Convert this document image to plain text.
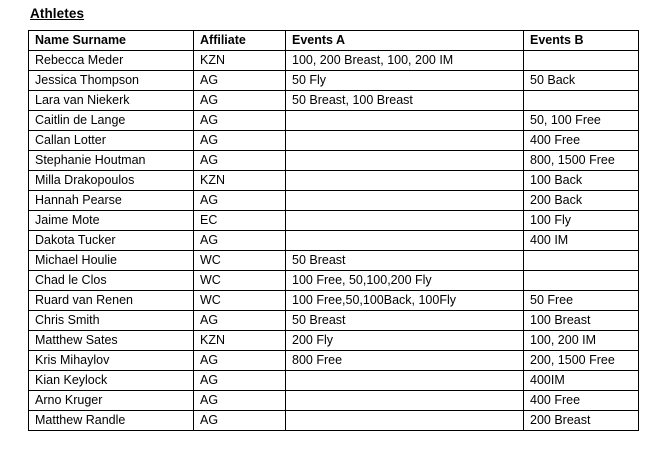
Athletes
Name Surname	Affiliate	Events A	Events B
Rebecca Meder	KZN	100, 200 Breast, 100, 200 IM	
Jessica Thompson	AG	50 Fly	50 Back
Lara van Niekerk	AG	50 Breast, 100 Breast	
Caitlin de Lange	AG		50, 100 Free
Callan Lotter	AG		400 Free
Stephanie Houtman	AG		800, 1500 Free
Milla Drakopoulos	KZN		100 Back
Hannah Pearse	AG		200 Back
Jaime Mote	EC		100 Fly
Dakota Tucker	AG		400 IM
Michael Houlie	WC	50 Breast	
Chad le Clos	WC	100 Free, 50,100,200 Fly	
Ruard van Renen	WC	100 Free,50,100Back, 100Fly	50 Free
Chris Smith	AG	50 Breast	100 Breast
Matthew Sates	KZN	200 Fly	100, 200 IM
Kris Mihaylov	AG	800 Free	200, 1500 Free
Kian Keylock	AG		400IM
Arno Kruger	AG		400 Free
Matthew Randle	AG		200 Breast
